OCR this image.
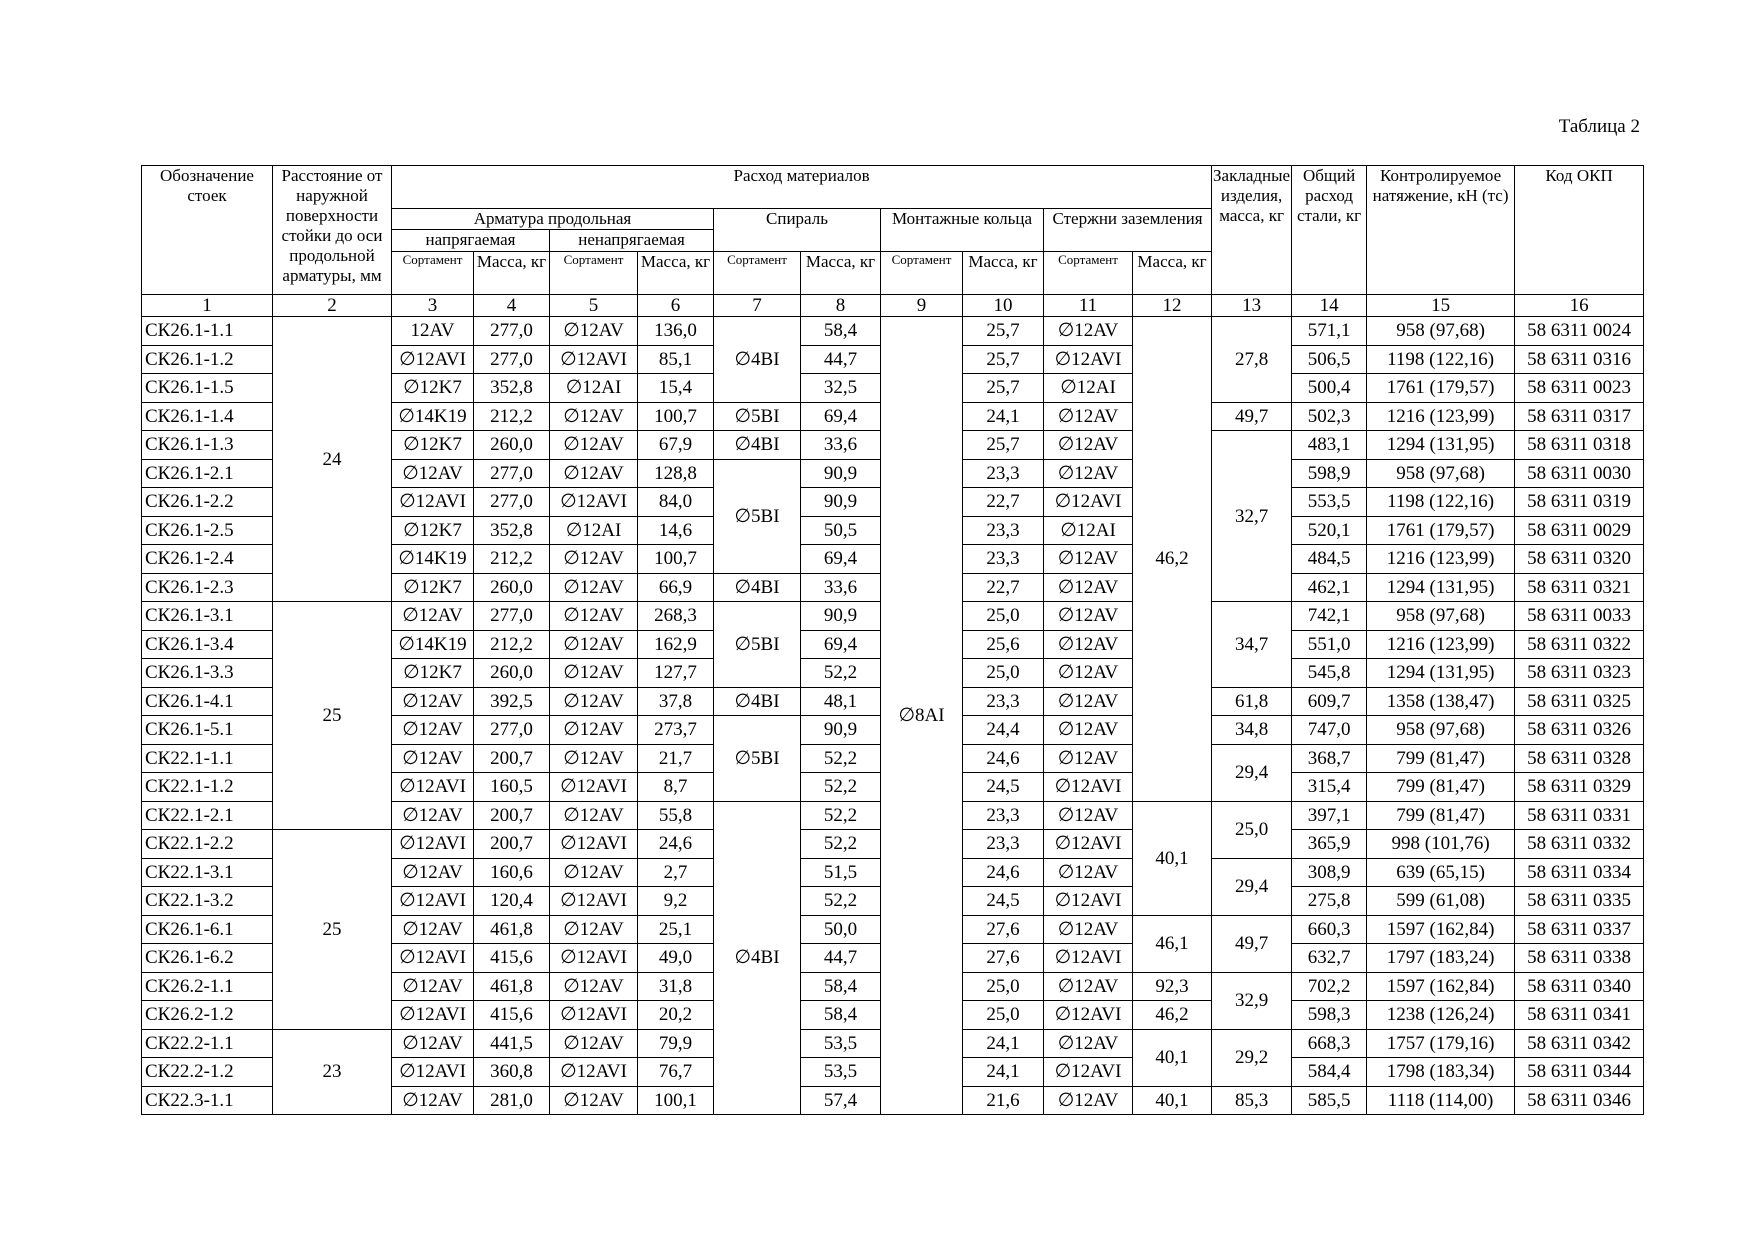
Таблица 2
Обозначение стоек	Расстояние от наружной поверхности стойки до оси продольной арматуры, мм	Расход материалов										Закладные изделия, масса, кг	Общий расход стали, кг	Контролируемое натяжение, кН (тс)	Код ОКП
		Арматура продольная				Спираль		Монтажные кольца		Стержни заземления					
		напрягаемая		ненапрягаемая											
		Сортамент	Масса, кг	Сортамент	Масса, кг	Сортамент	Масса, кг	Сортамент	Масса, кг	Сортамент	Масса, кг				
1	2	3	4	5	6	7	8	9	10	11	12	13	14	15	16
СК26.1-1.1	24	12AV	277,0	∅12AV	136,0	∅4BI	58,4	∅8AI	25,7	∅12AV	46,2	27,8	571,1	958 (97,68)	58 6311 0024
СК26.1-1.2		∅12AVI	277,0	∅12AVI	85,1		44,7		25,7	∅12AVI			506,5	1198 (122,16)	58 6311 0316
СК26.1-1.5		∅12K7	352,8	∅12AI	15,4		32,5		25,7	∅12AI			500,4	1761 (179,57)	58 6311 0023
СК26.1-1.4		∅14K19	212,2	∅12AV	100,7	∅5BI	69,4		24,1	∅12AV		49,7	502,3	1216 (123,99)	58 6311 0317
СК26.1-1.3		∅12K7	260,0	∅12AV	67,9	∅4BI	33,6		25,7	∅12AV		32,7	483,1	1294 (131,95)	58 6311 0318
СК26.1-2.1		∅12AV	277,0	∅12AV	128,8	∅5BI	90,9		23,3	∅12AV			598,9	958 (97,68)	58 6311 0030
СК26.1-2.2		∅12AVI	277,0	∅12AVI	84,0		90,9		22,7	∅12AVI			553,5	1198 (122,16)	58 6311 0319
СК26.1-2.5		∅12K7	352,8	∅12AI	14,6		50,5		23,3	∅12AI			520,1	1761 (179,57)	58 6311 0029
СК26.1-2.4		∅14K19	212,2	∅12AV	100,7		69,4		23,3	∅12AV			484,5	1216 (123,99)	58 6311 0320
СК26.1-2.3		∅12K7	260,0	∅12AV	66,9	∅4BI	33,6		22,7	∅12AV			462,1	1294 (131,95)	58 6311 0321
СК26.1-3.1	25	∅12AV	277,0	∅12AV	268,3	∅5BI	90,9		25,0	∅12AV		34,7	742,1	958 (97,68)	58 6311 0033
СК26.1-3.4		∅14K19	212,2	∅12AV	162,9		69,4		25,6	∅12AV			551,0	1216 (123,99)	58 6311 0322
СК26.1-3.3		∅12K7	260,0	∅12AV	127,7		52,2		25,0	∅12AV			545,8	1294 (131,95)	58 6311 0323
СК26.1-4.1		∅12AV	392,5	∅12AV	37,8	∅4BI	48,1		23,3	∅12AV		61,8	609,7	1358 (138,47)	58 6311 0325
СК26.1-5.1		∅12AV	277,0	∅12AV	273,7	∅5BI	90,9		24,4	∅12AV		34,8	747,0	958 (97,68)	58 6311 0326
СК22.1-1.1		∅12AV	200,7	∅12AV	21,7		52,2		24,6	∅12AV		29,4	368,7	799 (81,47)	58 6311 0328
СК22.1-1.2		∅12AVI	160,5	∅12AVI	8,7		52,2		24,5	∅12AVI			315,4	799 (81,47)	58 6311 0329
СК22.1-2.1		∅12AV	200,7	∅12AV	55,8	∅4BI	52,2		23,3	∅12AV	40,1	25,0	397,1	799 (81,47)	58 6311 0331
СК22.1-2.2	25	∅12AVI	200,7	∅12AVI	24,6		52,2		23,3	∅12AVI			365,9	998 (101,76)	58 6311 0332
СК22.1-3.1		∅12AV	160,6	∅12AV	2,7		51,5		24,6	∅12AV		29,4	308,9	639 (65,15)	58 6311 0334
СК22.1-3.2		∅12AVI	120,4	∅12AVI	9,2		52,2		24,5	∅12AVI			275,8	599 (61,08)	58 6311 0335
СК26.1-6.1		∅12AV	461,8	∅12AV	25,1		50,0		27,6	∅12AV	46,1	49,7	660,3	1597 (162,84)	58 6311 0337
СК26.1-6.2		∅12AVI	415,6	∅12AVI	49,0		44,7		27,6	∅12AVI			632,7	1797 (183,24)	58 6311 0338
СК26.2-1.1		∅12AV	461,8	∅12AV	31,8		58,4		25,0	∅12AV	92,3	32,9	702,2	1597 (162,84)	58 6311 0340
СК26.2-1.2		∅12AVI	415,6	∅12AVI	20,2		58,4		25,0	∅12AVI	46,2		598,3	1238 (126,24)	58 6311 0341
СК22.2-1.1	23	∅12AV	441,5	∅12AV	79,9		53,5		24,1	∅12AV	40,1	29,2	668,3	1757 (179,16)	58 6311 0342
СК22.2-1.2		∅12AVI	360,8	∅12AVI	76,7		53,5		24,1	∅12AVI			584,4	1798 (183,34)	58 6311 0344
СК22.3-1.1		∅12AV	281,0	∅12AV	100,1		57,4		21,6	∅12AV	40,1	85,3	585,5	1118 (114,00)	58 6311 0346
